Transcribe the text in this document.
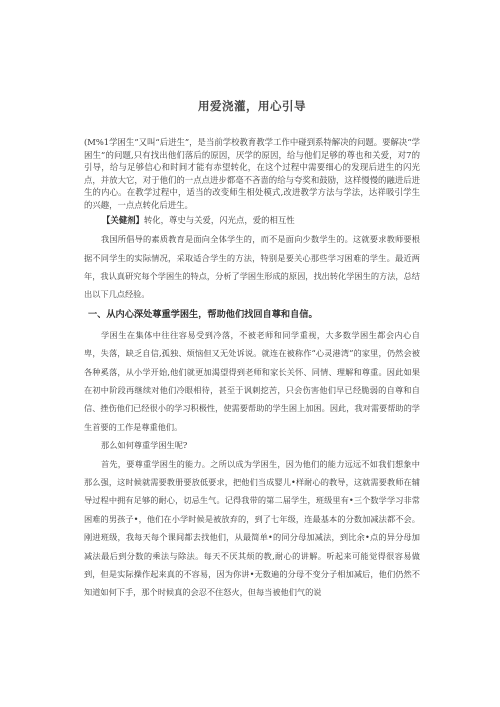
用爱浇灌，用心引导

(M%1学困生”又叫“后进生”，是当前学校教育教学工作中碰到系特解决的问题。要解决“学困生”的问题,只有找出他们落后的原因，厌学的原因，给与他们足够的尊也和关爱，对7的引导，给与足够信心和时间才能有赤望转化，在这个过程中需要细心的发现后进生的闪光点，并放大它，对于他们的一点点进步都毫不吝啬的给与夸奖和鼓励，这样慢慢的融进后进生的内心。在教学过程中，适当的改变师生相处模式,改进教学方法与学法，达祥吸引学生的兴趣，一点点转化后进生。

【关健剂】转化，尊史与关爱，闪光点，爱的相互性

我国所倡导的素质教育是面向全体学生的，而不是面向少数学生的。这就要求教师要根据不同学生的实际情况，采取适合学生的方法，特别是要关心那些学习困难的学生。最近两年，我认真研究每个学困生的特点，分析了学困生形成的原因，找出转化学困生的方法，总结出以下几点经验。

一、从内心深处尊重学困生，帮助他们找回自尊和自信。

学困生在集体中往往容易受到冷落，不被老师和同学重视，大多数学困生都会内心自卑，失落，缺乏自信,孤独、烦恼但又无处诉说。就连在被称作“心灵港湾”的家里，仍然会被各种奚落，从小学开始,他们就更加渴望得到老师和家长关怀、同情、理解和尊重。因此如果在初中阶段再继续对他们冷眼相待，甚至于讽刺挖苦，只会伤害他们早已经脆弱的自尊和自信、挫伤他们已经很小的学习积极性，使需要帮助的学生困上加困。因此，我对需要帮助的学生首要的工作是尊重他们。

那么如何尊重学困生呢?

首先，要尊重学困生的能力。之所以成为学困生，因为他们的能力远远不如我们想象中那么强，这时候就需要教册要放低要求，把他们当成婴儿•样耐心的教导，这就需要教师在辅导过程中拥有足够的耐心，切忌生气。记得我带的第二届学生，班级里有•三个数学学习非常困难的男孩子•，他们在小学时候是被放弃的，到了七年级，连最基本的分数加减法都不会。刚进班级，我每天每个课间都去找他们，从最简单•的同分母加减法，到比余•点的异分母加减法最后到分数的乘法与除法。每天不厌其烦的教,耐心的讲解。听起来可能觉得很容易做到，但是实际操作起来真的不容易，因为你讲•无数遍的分母不变分子相加减后，他们仍然不知道如何下手，那个时候真的会忍不住怒火，但每当被他们气的说
